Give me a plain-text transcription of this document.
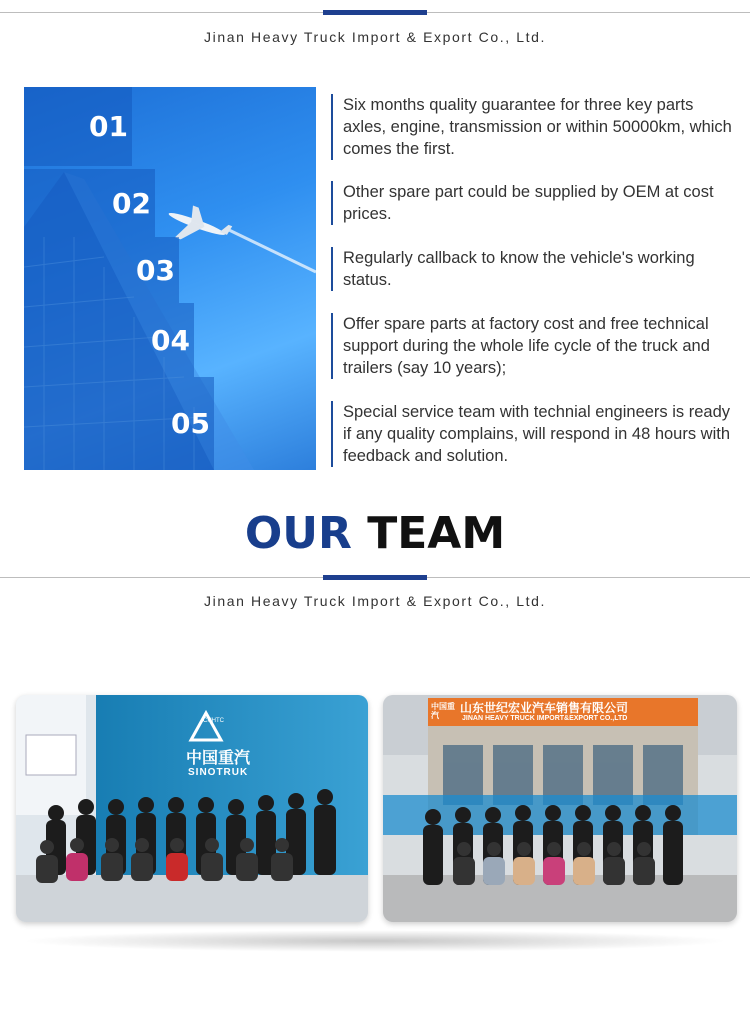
Jinan Heavy Truck Import & Export Co., Ltd.
01
02
03
04
05
Six months quality guarantee for three key parts axles, engine, transmission or within 50000km, which comes the first.
Other spare part could be supplied by OEM at cost prices.
Regularly callback to know the vehicle's working status.
Offer spare parts at factory cost and free technical support during the whole life cycle of the truck and trailers (say 10 years);
Special service team with technial engineers is ready if any quality complains, will respond in 48 hours with feedback and solution.
OUR TEAM
Jinan Heavy Truck Import & Export Co., Ltd.
中国重汽
SINOTRUK
CNHTC
中国重汽
山东世纪宏业汽车销售有限公司
JINAN HEAVY TRUCK IMPORT&EXPORT CO.,LTD
